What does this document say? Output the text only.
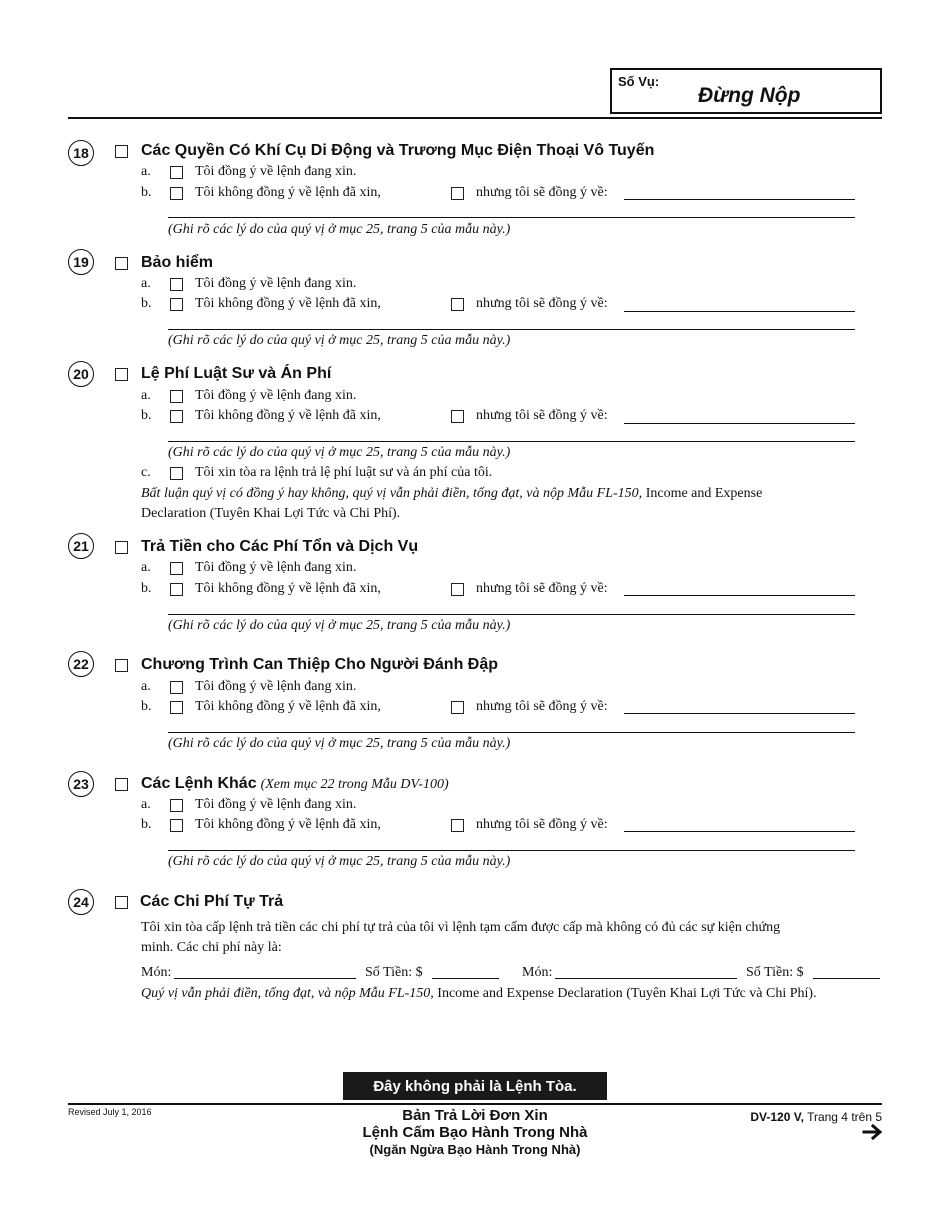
Số Vụ:
Đừng Nộp
18	Các Quyền Có Khí Cụ Di Động và Trương Mục Điện Thoại Vô Tuyến
a.	Tôi đồng ý về lệnh đang xin.
b.	Tôi không đồng ý về lệnh đã xin,	nhưng tôi sẽ đồng ý về:
(Ghi rõ các lý do của quý vị ở mục 25, trang 5 của mẫu này.)
19	Bảo hiểm
a.	Tôi đồng ý về lệnh đang xin.
b.	Tôi không đồng ý về lệnh đã xin,	nhưng tôi sẽ đồng ý về:
(Ghi rõ các lý do của quý vị ở mục 25, trang 5 của mẫu này.)
20	Lệ Phí Luật Sư và Án Phí
a.	Tôi đồng ý về lệnh đang xin.
b.	Tôi không đồng ý về lệnh đã xin,	nhưng tôi sẽ đồng ý về:
(Ghi rõ các lý do của quý vị ở mục 25, trang 5 của mẫu này.)
c.	Tôi xin tòa ra lệnh trả lệ phí luật sư và án phí của tôi.
Bất luận quý vị có đồng ý hay không, quý vị vẫn phải điền, tống đạt, và nộp Mẫu FL-150, Income and Expense
Declaration (Tuyên Khai Lợi Tức và Chi Phí).
21	Trả Tiền cho Các Phí Tổn và Dịch Vụ
a.	Tôi đồng ý về lệnh đang xin.
b.	Tôi không đồng ý về lệnh đã xin,	nhưng tôi sẽ đồng ý về:
(Ghi rõ các lý do của quý vị ở mục 25, trang 5 của mẫu này.)
22	Chương Trình Can Thiệp Cho Người Đánh Đập
a.	Tôi đồng ý về lệnh đang xin.
b.	Tôi không đồng ý về lệnh đã xin,	nhưng tôi sẽ đồng ý về:
(Ghi rõ các lý do của quý vị ở mục 25, trang 5 của mẫu này.)
23	Các Lệnh Khác (Xem mục 22 trong Mẫu DV-100)
a.	Tôi đồng ý về lệnh đang xin.
b.	Tôi không đồng ý về lệnh đã xin,	nhưng tôi sẽ đồng ý về:
(Ghi rõ các lý do của quý vị ở mục 25, trang 5 của mẫu này.)
24	Các Chi Phí Tự Trả
Tôi xin tòa cấp lệnh trả tiền các chi phí tự trả của tôi vì lệnh tạm cấm được cấp mà không có đủ các sự kiện chứng
minh. Các chi phí này là:
Món:	Số Tiền: $	Món:	Số Tiền: $
Quý vị vẫn phải điền, tống đạt, và nộp Mẫu FL-150, Income and Expense Declaration (Tuyên Khai Lợi Tức và Chi Phí).
Đây không phải là Lệnh Tòa.
Revised July 1, 2016	Bản Trả Lời Đơn Xin
Lệnh Cấm Bạo Hành Trong Nhà
(Ngăn Ngừa Bạo Hành Trong Nhà)
DV-120 V, Trang 4 trên 5
